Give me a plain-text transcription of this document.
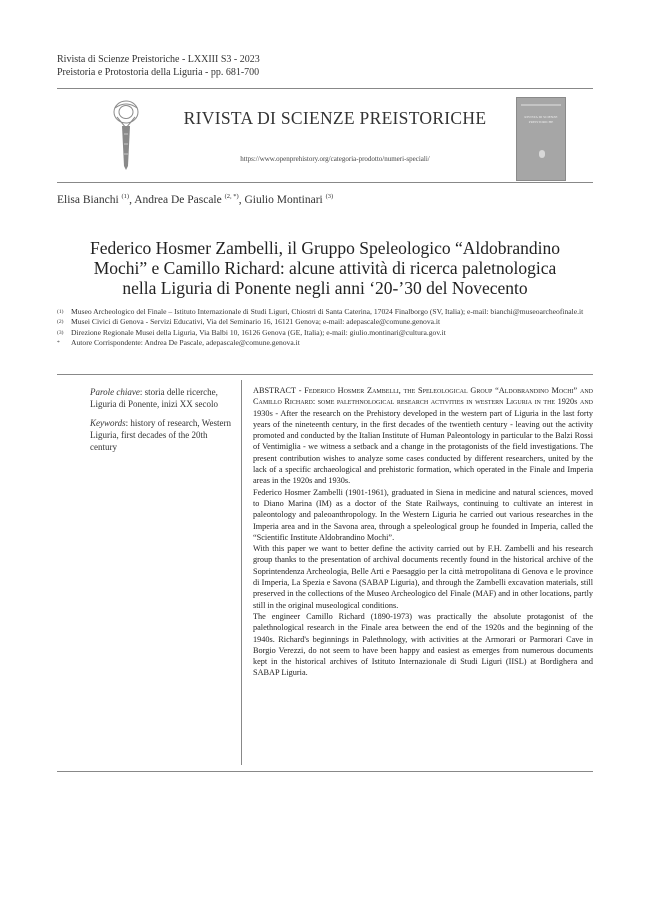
Rivista di Scienze Preistoriche - LXXIII S3 - 2023
Preistoria e Protostoria della Liguria - pp. 681-700
RIVISTA DI SCIENZE PREISTORICHE
https://www.openprehistory.org/categoria-prodotto/numeri-speciali/
RIVISTA DI SCIENZE PREISTORICHE
Elisa Bianchi $^{(1)}$, Andrea De Pascale $^{(2, *)}$, Giulio Montinari $^{(3)}$
Federico Hosmer Zambelli, il Gruppo Speleologico “Aldobrandino
Mochi” e Camillo Richard: alcune attività di ricerca paletnologica
nella Liguria di Ponente negli anni ‘20-’30 del Novecento
(1) Museo Archeologico del Finale – Istituto Internazionale di Studi Liguri, Chiostri di Santa Caterina, 17024 Finalborgo (SV, Italia); e-mail: bianchi@museoarcheofinale.it
(2) Musei Civici di Genova - Servizi Educativi, Via del Seminario 16, 16121 Genova; e-mail: adepascale@comune.genova.it
(3) Direzione Regionale Musei della Liguria, Via Balbi 10, 16126 Genova (GE, Italia); e-mail: giulio.montinari@cultura.gov.it
* Autore Corrispondente: Andrea De Pascale, adepascale@comune.genova.it

Parole chiave: storia delle ricerche, Liguria di Ponente, inizi XX secolo

Keywords: history of research, Western Liguria, first decades of the 20th century

ABSTRACT - Federico Hosmer Zambelli, the Speleological Group “Aldobrandino Mochi” and Camillo Richard: some palethnological research activities in western Liguria in the 1920s and 1930s - After the research on the Prehistory developed in the western part of Liguria in the last forty years of the nineteenth century, in the first decades of the twentieth century - leaving out the activity promoted and conducted by the Italian Institute of Human Paleontology in particular to the Balzi Rossi of Ventimiglia - we witness a setback and a change in the protagonists of the field investigations. The present contribution wishes to analyze some cases conducted by different researchers, united by the lack of a specific archaeological and prehistoric formation, which operated in the Finale and Imperia areas in the 1920s and 1930s.

Federico Hosmer Zambelli (1901-1961), graduated in Siena in medicine and natural sciences, moved to Diano Marina (IM) as a doctor of the State Railways, continuing to cultivate an interest in paleontology and paleoanthropology. In the Western Liguria he carried out various researches in the Imperia area and in the Savona area, through a speleological group he founded in Imperia, called the “Scientific Institute Aldobrandino Mochi”.

With this paper we want to better define the activity carried out by F.H. Zambelli and his research group thanks to the presentation of archival documents recently found in the historical archive of the Soprintendenza Archeologia, Belle Arti e Paesaggio per la città metropolitana di Genova e le province di Imperia, La Spezia e Savona (SABAP Liguria), and through the Zambelli excavation materials, still preserved in the collections of the Museo Archeologico del Finale (MAF) and in other locations, partly still in the original museological conditions.

The engineer Camillo Richard (1890-1973) was practically the absolute protagonist of the palethnological research in the Finale area between the end of the 1920s and the beginning of the 1940s. Richard's beginnings in Palethnology, with activities at the Armorari or Parmorari Cave in Borgio Verezzi, do not seem to have been happy and easiest as emerges from numerous documents kept in the historical archives of Istituto Internazionale di Studi Liguri (IISL) at Bordighera and SABAP Liguria.
